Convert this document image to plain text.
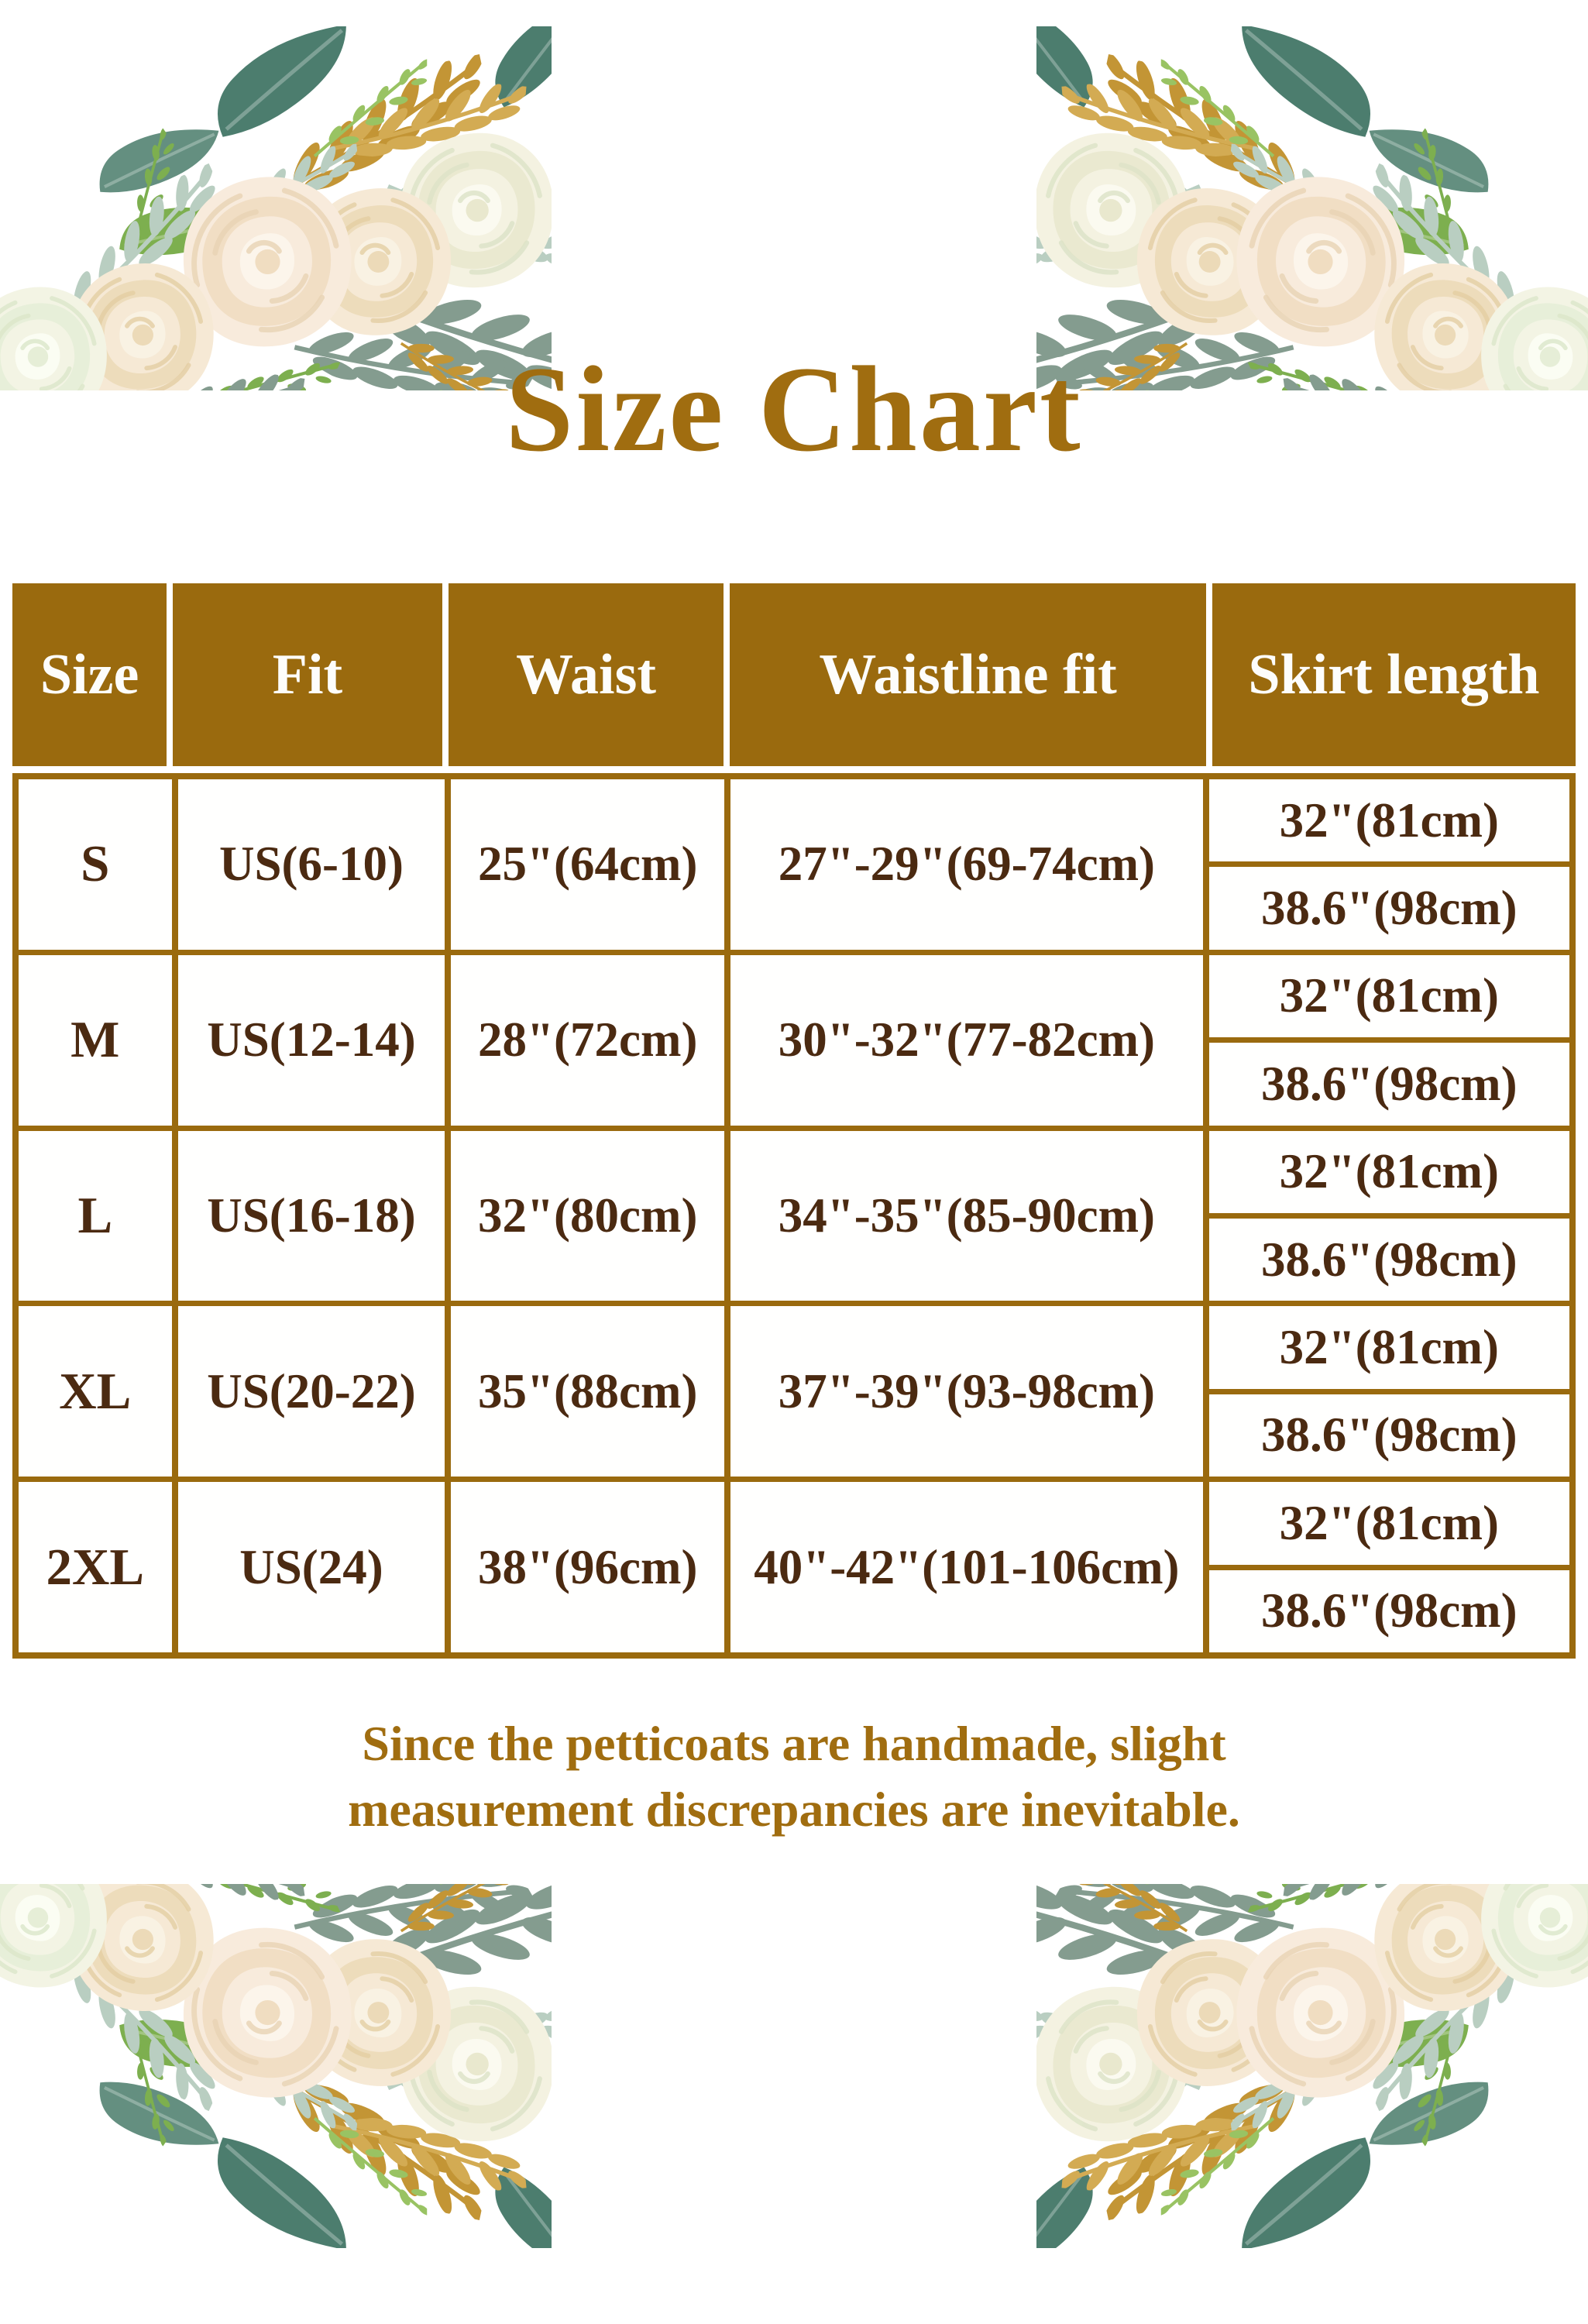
Size Chart
Size	Fit	Waist	Waistline fit	Skirt length
S	US(6-10)	25"(64cm)	27"-29"(69-74cm)
32"(81cm)
38.6"(98cm)
M	US(12-14)	28"(72cm)	30"-32"(77-82cm)
32"(81cm)
38.6"(98cm)
L	US(16-18)	32"(80cm)	34"-35"(85-90cm)
32"(81cm)
38.6"(98cm)
XL	US(20-22)	35"(88cm)	37"-39"(93-98cm)
32"(81cm)
38.6"(98cm)
2XL	US(24)	38"(96cm)	40"-42"(101-106cm)
32"(81cm)
38.6"(98cm)
Since the petticoats are handmade, slight
measurement discrepancies are inevitable.
